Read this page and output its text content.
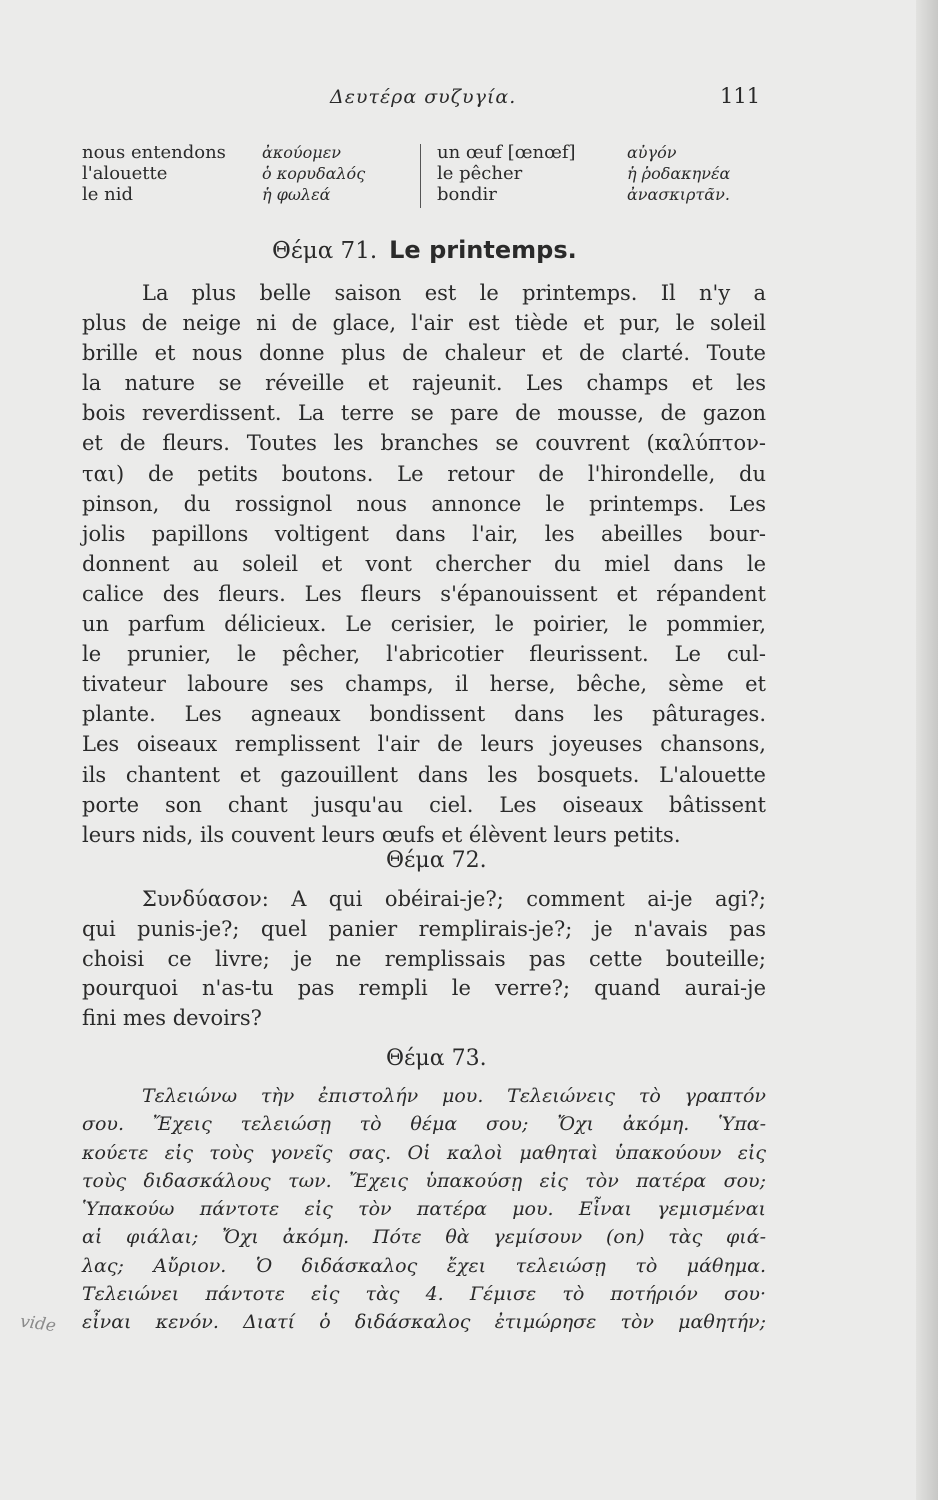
Δευτέρα συζυγία.	111
nous entendons
l'alouette
le nid
ἀκούομεν
ὁ κορυδαλός
ἡ φωλεά
un œuf [œnœf]
le pêcher
bondir
αὐγόν
ἡ ῥοδακηνέα
ἀνασκιρτᾶν.
Θέμα 71. Le printemps.
La plus belle saison est le printemps. Il n'y a
plus de neige ni de glace, l'air est tiède et pur, le soleil
brille et nous donne plus de chaleur et de clarté. Toute
la nature se réveille et rajeunit. Les champs et les
bois reverdissent. La terre se pare de mousse, de gazon
et de fleurs. Toutes les branches se couvrent (καλύπτον-
ται) de petits boutons. Le retour de l'hirondelle, du
pinson, du rossignol nous annonce le printemps. Les
jolis papillons voltigent dans l'air, les abeilles bour-
donnent au soleil et vont chercher du miel dans le
calice des fleurs. Les fleurs s'épanouissent et répandent
un parfum délicieux. Le cerisier, le poirier, le pommier,
le prunier, le pêcher, l'abricotier fleurissent. Le cul-
tivateur laboure ses champs, il herse, bêche, sème et
plante. Les agneaux bondissent dans les pâturages.
Les oiseaux remplissent l'air de leurs joyeuses chansons,
ils chantent et gazouillent dans les bosquets. L'alouette
porte son chant jusqu'au ciel. Les oiseaux bâtissent
leurs nids, ils couvent leurs œufs et élèvent leurs petits.
Θέμα 72.
Συνδύασον: A qui obéirai-je?; comment ai-je agi?;
qui punis-je?; quel panier remplirais-je?; je n'avais pas
choisi ce livre; je ne remplissais pas cette bouteille;
pourquoi n'as-tu pas rempli le verre?; quand aurai-je
fini mes devoirs?
Θέμα 73.
Τελειώνω τὴν ἐπιστολήν μου. Τελειώνεις τὸ γραπτόν
σου. Ἔχεις τελειώσῃ τὸ θέμα σου; Ὄχι ἀκόμη. Ὑπα-
κούετε εἰς τοὺς γονεῖς σας. Οἱ καλοὶ μαθηταὶ ὑπακούουν εἰς
τοὺς διδασκάλους των. Ἔχεις ὑπακούσῃ εἰς τὸν πατέρα σου;
Ὑπακούω πάντοτε εἰς τὸν πατέρα μου. Εἶναι γεμισμέναι
αἱ φιάλαι; Ὄχι ἀκόμη. Πότε θὰ γεμίσουν (on) τὰς φιά-
λας; Αὔριον. Ὁ διδάσκαλος ἔχει τελειώσῃ τὸ μάθημα.
Τελειώνει πάντοτε εἰς τὰς 4. Γέμισε τὸ ποτήριόν σου·
εἶναι κενόν. Διατί ὁ διδάσκαλος ἐτιμώρησε τὸν μαθητήν;
vide
